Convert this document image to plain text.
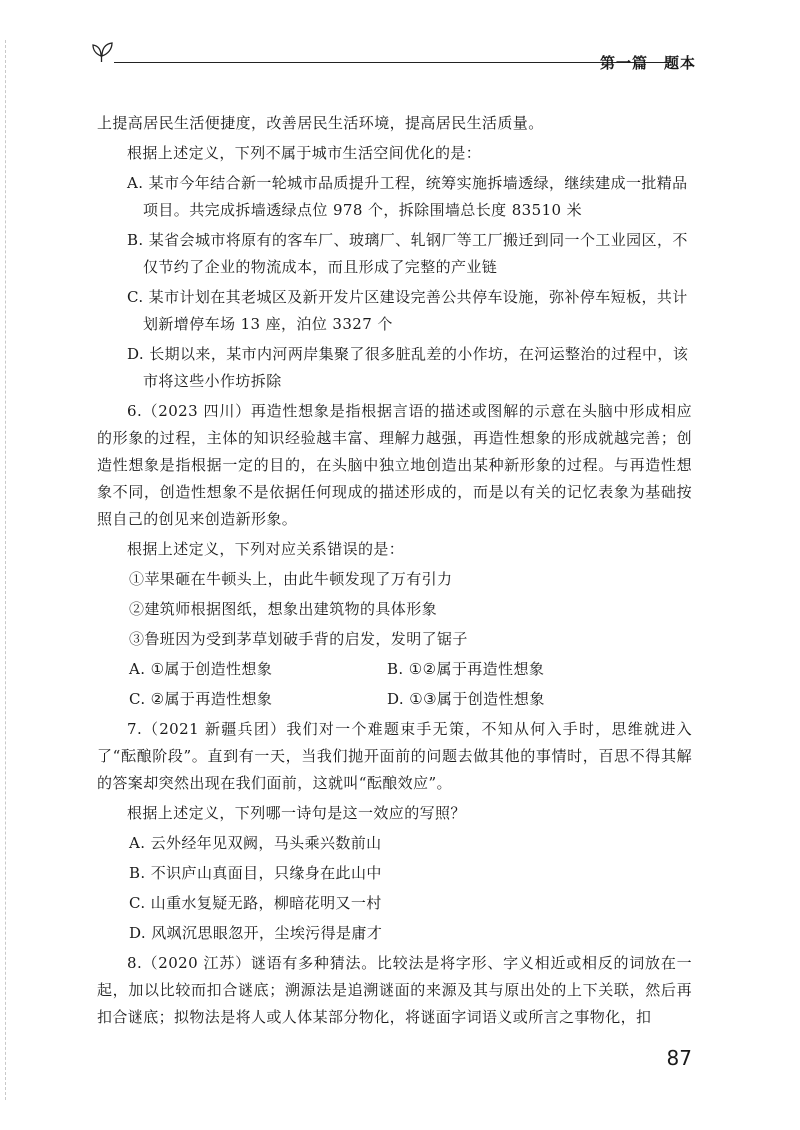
第一篇　题本

上提高居民生活便捷度，改善居民生活环境，提高居民生活质量。

根据上述定义，下列不属于城市生活空间优化的是：

A. 某市今年结合新一轮城市品质提升工程，统筹实施拆墙透绿，继续建成一批精品项目。共完成拆墙透绿点位 978 个，拆除围墙总长度 83510 米

B. 某省会城市将原有的客车厂、玻璃厂、轧钢厂等工厂搬迁到同一个工业园区，不仅节约了企业的物流成本，而且形成了完整的产业链

C. 某市计划在其老城区及新开发片区建设完善公共停车设施，弥补停车短板，共计划新增停车场 13 座，泊位 3327 个

D. 长期以来，某市内河两岸集聚了很多脏乱差的小作坊，在河运整治的过程中，该市将这些小作坊拆除

6.（2023 四川）再造性想象是指根据言语的描述或图解的示意在头脑中形成相应的形象的过程，主体的知识经验越丰富、理解力越强，再造性想象的形成就越完善；创造性想象是指根据一定的目的，在头脑中独立地创造出某种新形象的过程。与再造性想象不同，创造性想象不是依据任何现成的描述形成的，而是以有关的记忆表象为基础按照自己的创见来创造新形象。

根据上述定义，下列对应关系错误的是：

①苹果砸在牛顿头上，由此牛顿发现了万有引力

②建筑师根据图纸，想象出建筑物的具体形象

③鲁班因为受到茅草划破手背的启发，发明了锯子

A. ①属于创造性想象	B. ①②属于再造性想象
C. ②属于再造性想象	D. ①③属于创造性想象

7.（2021 新疆兵团）我们对一个难题束手无策，不知从何入手时，思维就进入了“酝酿阶段”。直到有一天，当我们抛开面前的问题去做其他的事情时，百思不得其解的答案却突然出现在我们面前，这就叫“酝酿效应”。

根据上述定义，下列哪一诗句是这一效应的写照？

A. 云外经年见双阙，马头乘兴数前山

B. 不识庐山真面目，只缘身在此山中

C. 山重水复疑无路，柳暗花明又一村

D. 风飒沉思眼忽开，尘埃污得是庸才

8.（2020 江苏）谜语有多种猜法。比较法是将字形、字义相近或相反的词放在一起，加以比较而扣合谜底；溯源法是追溯谜面的来源及其与原出处的上下关联，然后再扣合谜底；拟物法是将人或人体某部分物化，将谜面字词语义或所言之事物化，扣

87
